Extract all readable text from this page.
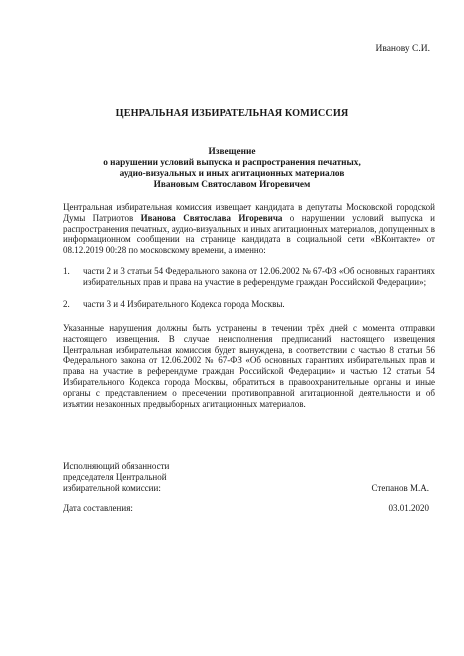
Иванову С.И.
ЦЕНРАЛЬНАЯ ИЗБИРАТЕЛЬНАЯ КОМИССИЯ
Извещение
о нарушении условий выпуска и распространения печатных,
аудио-визуальных и иных агитационных материалов
Ивановым Святославом Игоревичем
Центральная избирательная комиссия извещает кандидата в депутаты Московской городской Думы Патриотов Иванова Святослава Игоревича о нарушении условий выпуска и распространения печатных, аудио-визуальных и иных агитационных материалов, допущенных в информационном сообщении на странице кандидата в социальной сети «ВКонтакте» от 08.12.2019 00:28 по московскому времени, а именно:
1. части 2 и 3 статьи 54 Федерального закона от 12.06.2002 № 67-ФЗ «Об основных гарантиях избирательных прав и права на участие в референдуме граждан Российской Федерации»;
2. части 3 и 4 Избирательного Кодекса города Москвы.
Указанные нарушения должны быть устранены в течении трёх дней с момента отправки настоящего извещения. В случае неисполнения предписаний настоящего извещения Центральная избирательная комиссия будет вынуждена, в соответствии с частью 8 статьи 56 Федерального закона от 12.06.2002 № 67-ФЗ «Об основных гарантиях избирательных прав и права на участие в референдуме граждан Российской Федерации» и частью 12 статьи 54 Избирательного Кодекса города Москвы, обратиться в правоохранительные органы и иные органы с представлением о пресечении противоправной агитационной деятельности и об изъятии незаконных предвыборных агитационных материалов.
Исполняющий обязанности
председателя Центральной
избирательной комиссии:	Степанов М.А.
Дата составления:	03.01.2020
